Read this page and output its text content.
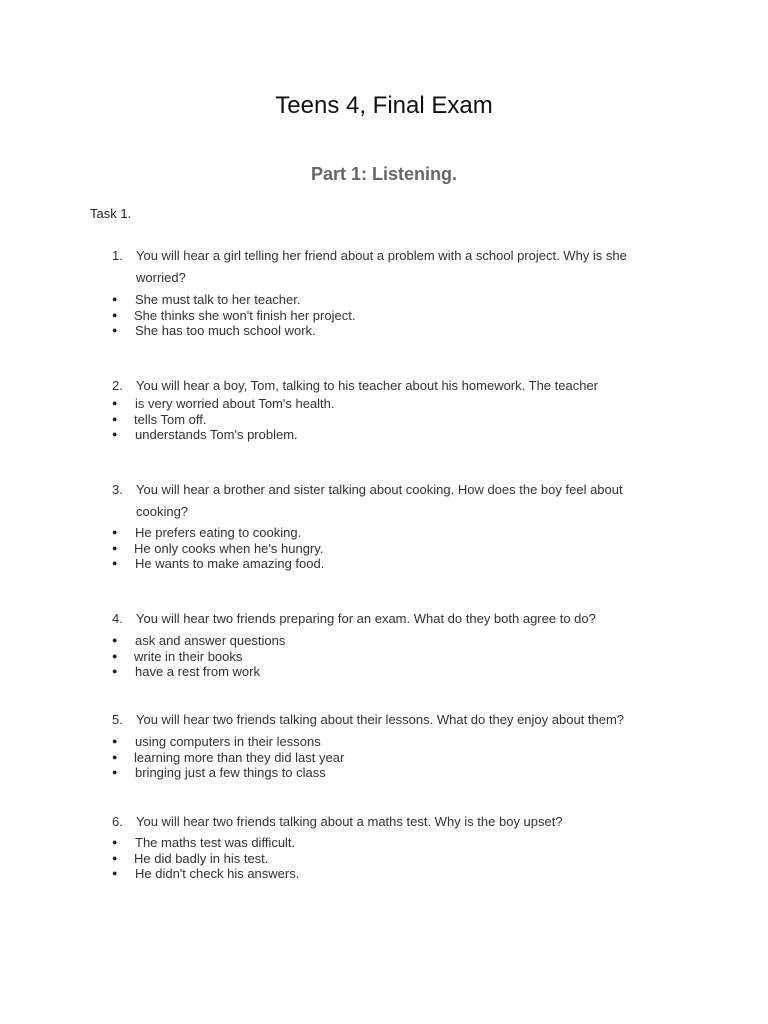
Teens 4, Final Exam
Part 1: Listening.
Task 1.
1.	You will hear a girl telling her friend about a problem with a school project. Why is she worried?
●	She must talk to her teacher.
●	She thinks she won't finish her project.
●	She has too much school work.
2.	You will hear a boy, Tom, talking to his teacher about his homework. The teacher
●	is very worried about Tom's health.
●	tells Tom off.
●	understands Tom's problem.
3.	You will hear a brother and sister talking about cooking. How does the boy feel about cooking?
●	He prefers eating to cooking.
●	He only cooks when he's hungry.
●	He wants to make amazing food.
4.	You will hear two friends preparing for an exam. What do they both agree to do?
●	ask and answer questions
●	write in their books
●	have a rest from work
5.	You will hear two friends talking about their lessons. What do they enjoy about them?
●	using computers in their lessons
●	learning more than they did last year
●	bringing just a few things to class
6.	You will hear two friends talking about a maths test. Why is the boy upset?
●	The maths test was difficult.
●	He did badly in his test.
●	He didn't check his answers.
